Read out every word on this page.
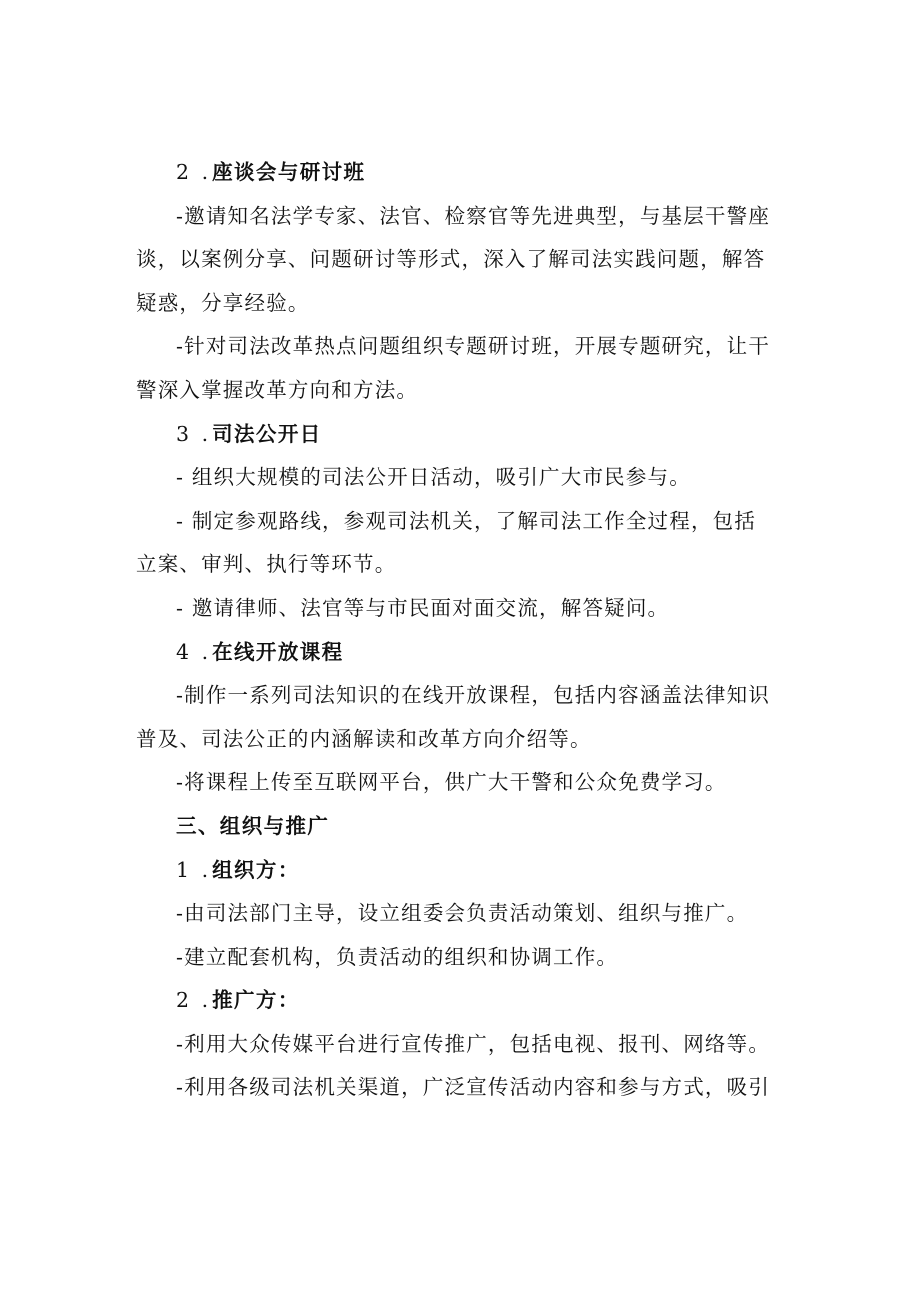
2 .座谈会与研讨班
-邀请知名法学专家、法官、检察官等先进典型，与基层干警座
谈，以案例分享、问题研讨等形式，深入了解司法实践问题，解答
疑惑，分享经验。
-针对司法改革热点问题组织专题研讨班，开展专题研究，让干
警深入掌握改革方向和方法。
3 .司法公开日
- 组织大规模的司法公开日活动，吸引广大市民参与。
- 制定参观路线，参观司法机关，了解司法工作全过程，包括
立案、审判、执行等环节。
- 邀请律师、法官等与市民面对面交流，解答疑问。
4 .在线开放课程
-制作一系列司法知识的在线开放课程，包括内容涵盖法律知识
普及、司法公正的内涵解读和改革方向介绍等。
-将课程上传至互联网平台，供广大干警和公众免费学习。
三、组织与推广
1 .组织方：
-由司法部门主导，设立组委会负责活动策划、组织与推广。
-建立配套机构，负责活动的组织和协调工作。
2 .推广方：
-利用大众传媒平台进行宣传推广，包括电视、报刊、网络等。
-利用各级司法机关渠道，广泛宣传活动内容和参与方式，吸引
